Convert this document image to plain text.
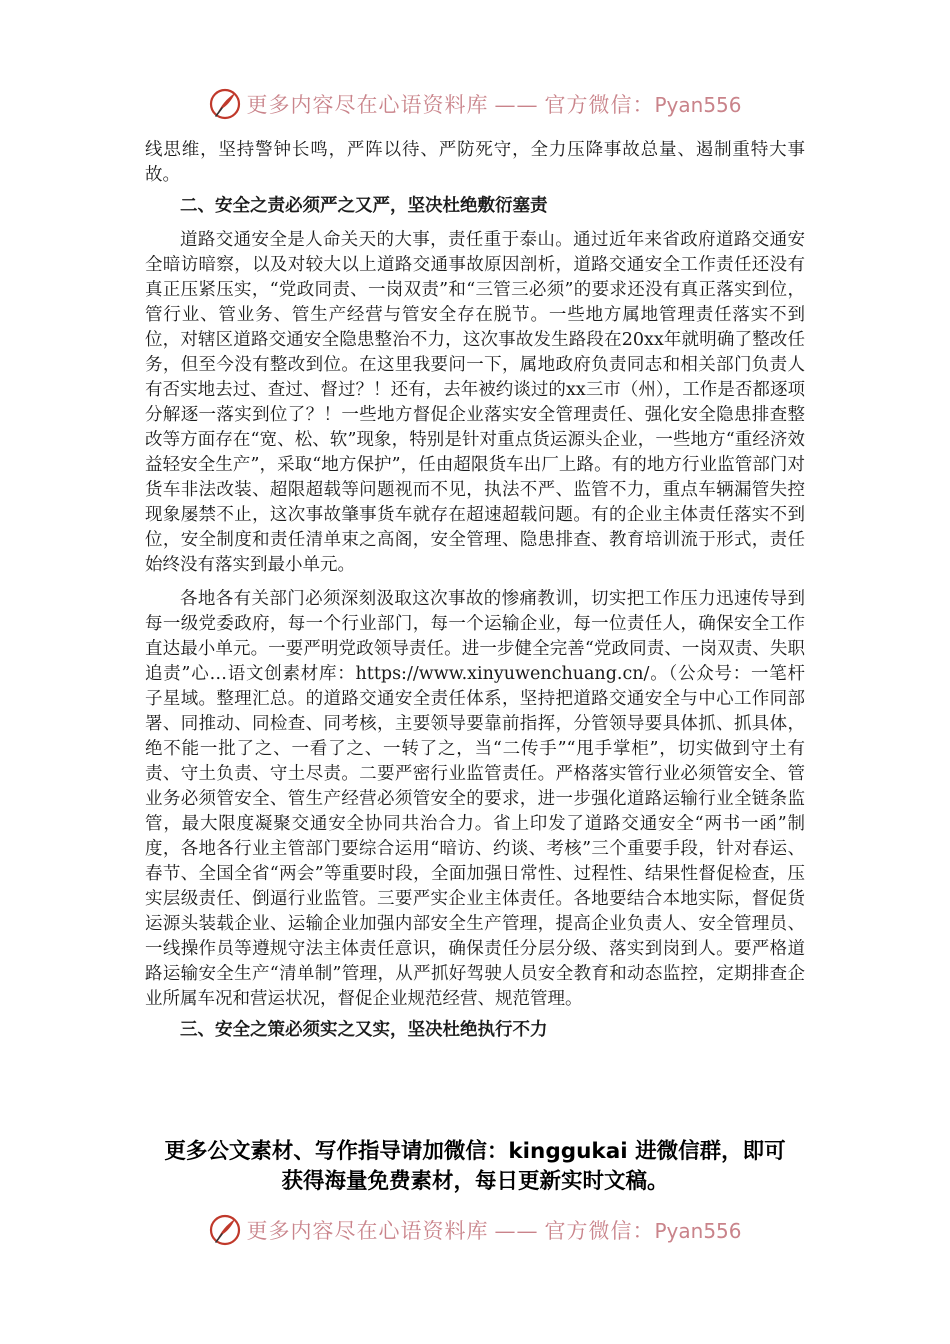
更多内容尽在心语资料库 —— 官方微信：Pyan556

线思维，坚持警钟长鸣，严阵以待、严防死守，全力压降事故总量、遏制重特大事故。

二、安全之责必须严之又严，坚决杜绝敷衍塞责

道路交通安全是人命关天的大事，责任重于泰山。通过近年来省政府道路交通安全暗访暗察，以及对较大以上道路交通事故原因剖析，道路交通安全工作责任还没有真正压紧压实，“党政同责、一岗双责”和“三管三必须”的要求还没有真正落实到位，管行业、管业务、管生产经营与管安全存在脱节。一些地方属地管理责任落实不到位，对辖区道路交通安全隐患整治不力，这次事故发生路段在20xx年就明确了整改任务，但至今没有整改到位。在这里我要问一下，属地政府负责同志和相关部门负责人有否实地去过、查过、督过？！还有，去年被约谈过的xx三市（州），工作是否都逐项分解逐一落实到位了？！一些地方督促企业落实安全管理责任、强化安全隐患排查整改等方面存在“宽、松、软”现象，特别是针对重点货运源头企业，一些地方“重经济效益轻安全生产”，采取“地方保护”，任由超限货车出厂上路。有的地方行业监管部门对货车非法改装、超限超载等问题视而不见，执法不严、监管不力，重点车辆漏管失控现象屡禁不止，这次事故肇事货车就存在超速超载问题。有的企业主体责任落实不到位，安全制度和责任清单束之高阁，安全管理、隐患排查、教育培训流于形式，责任始终没有落实到最小单元。

各地各有关部门必须深刻汲取这次事故的惨痛教训，切实把工作压力迅速传导到每一级党委政府，每一个行业部门，每一个运输企业，每一位责任人，确保安全工作直达最小单元。一要严明党政领导责任。进一步健全完善“党政同责、一岗双责、失职追责”心…语文创素材库：https://www.xinyuwenchuang.cn/。（公众号：一笔杆子星域。整理汇总。的道路交通安全责任体系，坚持把道路交通安全与中心工作同部署、同推动、同检查、同考核，主要领导要靠前指挥，分管领导要具体抓、抓具体，绝不能一批了之、一看了之、一转了之，当“二传手”“甩手掌柜”，切实做到守土有责、守土负责、守土尽责。二要严密行业监管责任。严格落实管行业必须管安全、管业务必须管安全、管生产经营必须管安全的要求，进一步强化道路运输行业全链条监管，最大限度凝聚交通安全协同共治合力。省上印发了道路交通安全“两书一函”制度，各地各行业主管部门要综合运用“暗访、约谈、考核”三个重要手段，针对春运、春节、全国全省“两会”等重要时段，全面加强日常性、过程性、结果性督促检查，压实层级责任、倒逼行业监管。三要严实企业主体责任。各地要结合本地实际，督促货运源头装载企业、运输企业加强内部安全生产管理，提高企业负责人、安全管理员、一线操作员等遵规守法主体责任意识，确保责任分层分级、落实到岗到人。要严格道路运输安全生产“清单制”管理，从严抓好驾驶人员安全教育和动态监控，定期排查企业所属车况和营运状况，督促企业规范经营、规范管理。

三、安全之策必须实之又实，坚决杜绝执行不力

更多公文素材、写作指导请加微信：kinggukai 进微信群，即可
获得海量免费素材，每日更新实时文稿。
更多内容尽在心语资料库 —— 官方微信：Pyan556
